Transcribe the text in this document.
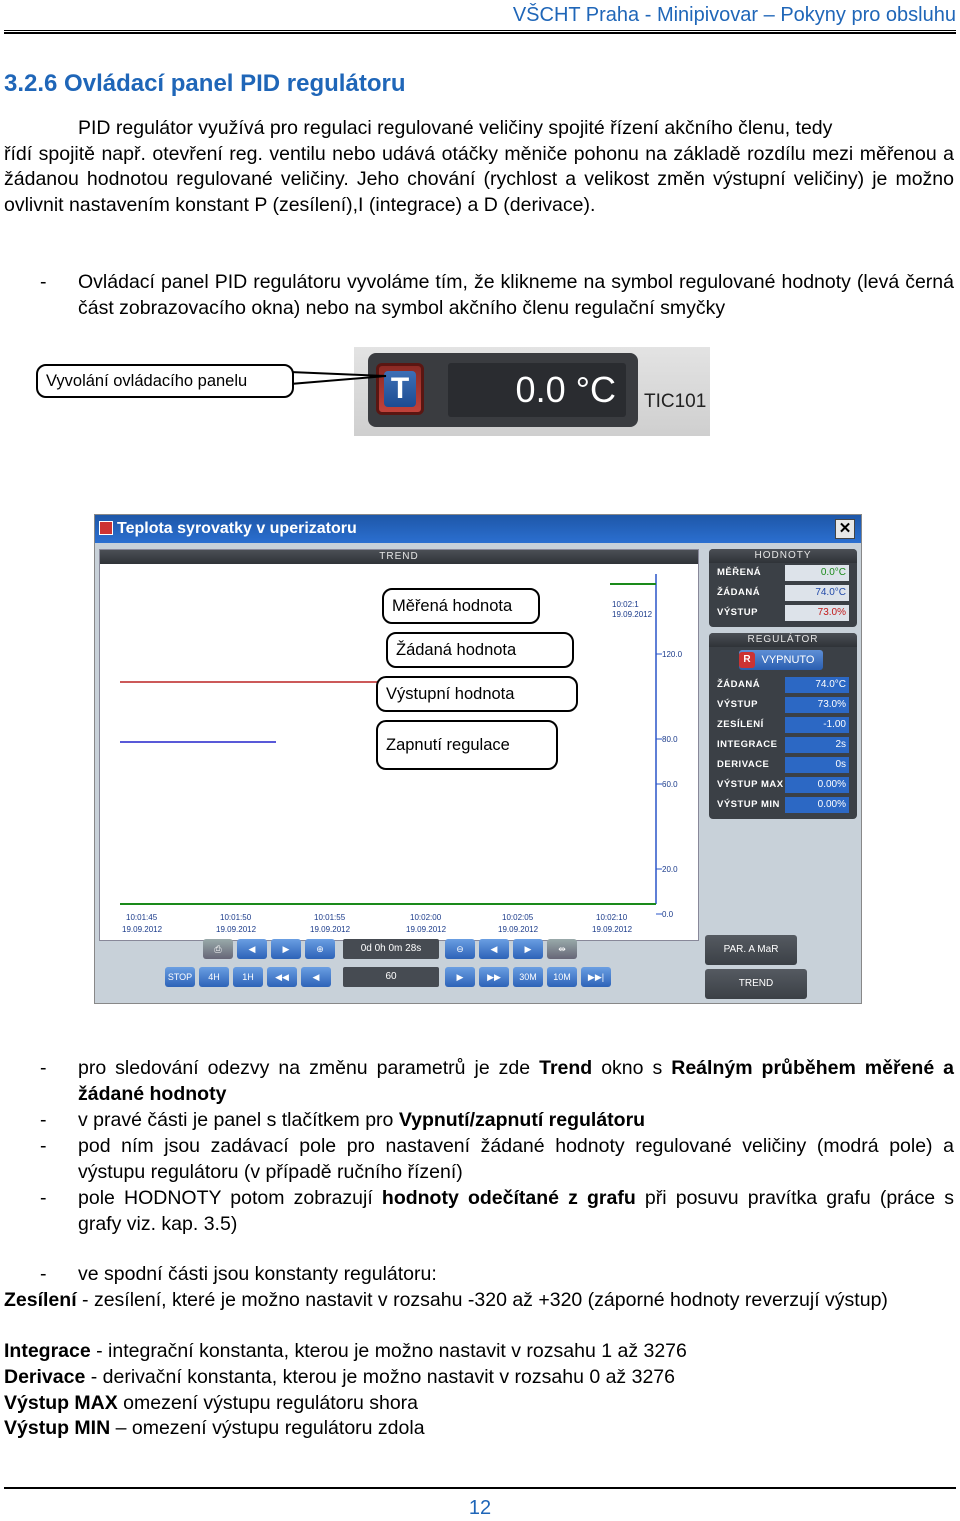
VŠCHT Praha - Minipivovar – Pokyny pro obsluhu
3.2.6 Ovládací panel PID regulátoru
PID regulátor využívá pro regulaci regulované veličiny spojité řízení akčního členu, tedy
řídí spojitě např. otevření reg. ventilu nebo udává otáčky měniče pohonu na základě rozdílu mezi měřenou a žádanou hodnotou regulované veličiny. Jeho chování (rychlost a velikost změn výstupní veličiny) je možno ovlivnit nastavením konstant P (zesílení),I (integrace) a D (derivace).
-	Ovládací panel PID regulátoru vyvoláme tím, že klikneme na symbol regulované hodnoty (levá černá část zobrazovacího okna) nebo na symbol akčního členu regulační smyčky
T	0.0 °C	TIC101
Vyvolání ovládacího panelu
Teplota syrovatky v uperizatoru	✕
TREND
120.0
80.0
60.0
20.0
0.0
10:01:45
19.09.2012
10:01:50
19.09.2012
10:01:55
19.09.2012
10:02:00
19.09.2012
10:02:05
19.09.2012
10:02:10
19.09.2012
10:02:1
19.09.2012
HODNOTY
MĚŘENÁ	0.0°C
ŽÁDANÁ	74.0°C
VÝSTUP	73.0%
REGULÁTOR
R VYPNUTO
ŽÁDANÁ	74.0°C
VÝSTUP	73.0%
ZESÍLENÍ	-1.00
INTEGRACE	2s
DERIVACE	0s
VÝSTUP MAX	0.00%
VÝSTUP MIN	0.00%
⎙	◀	▶	⊕	0d 0h 0m 28s	⊖	◀	▶	⇹
STOP	4H	1H	◀◀	◀	60	▶	▶▶	30M	10M	▶▶|
PAR. A MaR
TREND
Měřená hodnota
Žádaná hodnota
Výstupní hodnota
Zapnutí regulace
-	pro sledování odezvy na změnu parametrů je zde Trend okno s Reálným průběhem měřené a žádané hodnoty
-	v pravé části je panel s tlačítkem pro Vypnutí/zapnutí regulátoru
-	pod ním jsou zadávací pole pro nastavení žádané hodnoty regulované veličiny (modrá pole) a výstupu regulátoru (v případě ručního řízení)
-	pole HODNOTY potom zobrazují hodnoty odečítané z grafu při posuvu pravítka grafu (práce s grafy viz. kap. 3.5)
-	ve spodní části jsou konstanty regulátoru:
Zesílení - zesílení, které je možno nastavit v rozsahu -320 až +320 (záporné hodnoty reverzují výstup)
Integrace - integrační konstanta, kterou je možno nastavit v rozsahu 1 až 3276
Derivace - derivační konstanta, kterou je možno nastavit v rozsahu 0 až 3276
Výstup MAX omezení výstupu regulátoru shora
Výstup MIN – omezení výstupu regulátoru zdola
12
